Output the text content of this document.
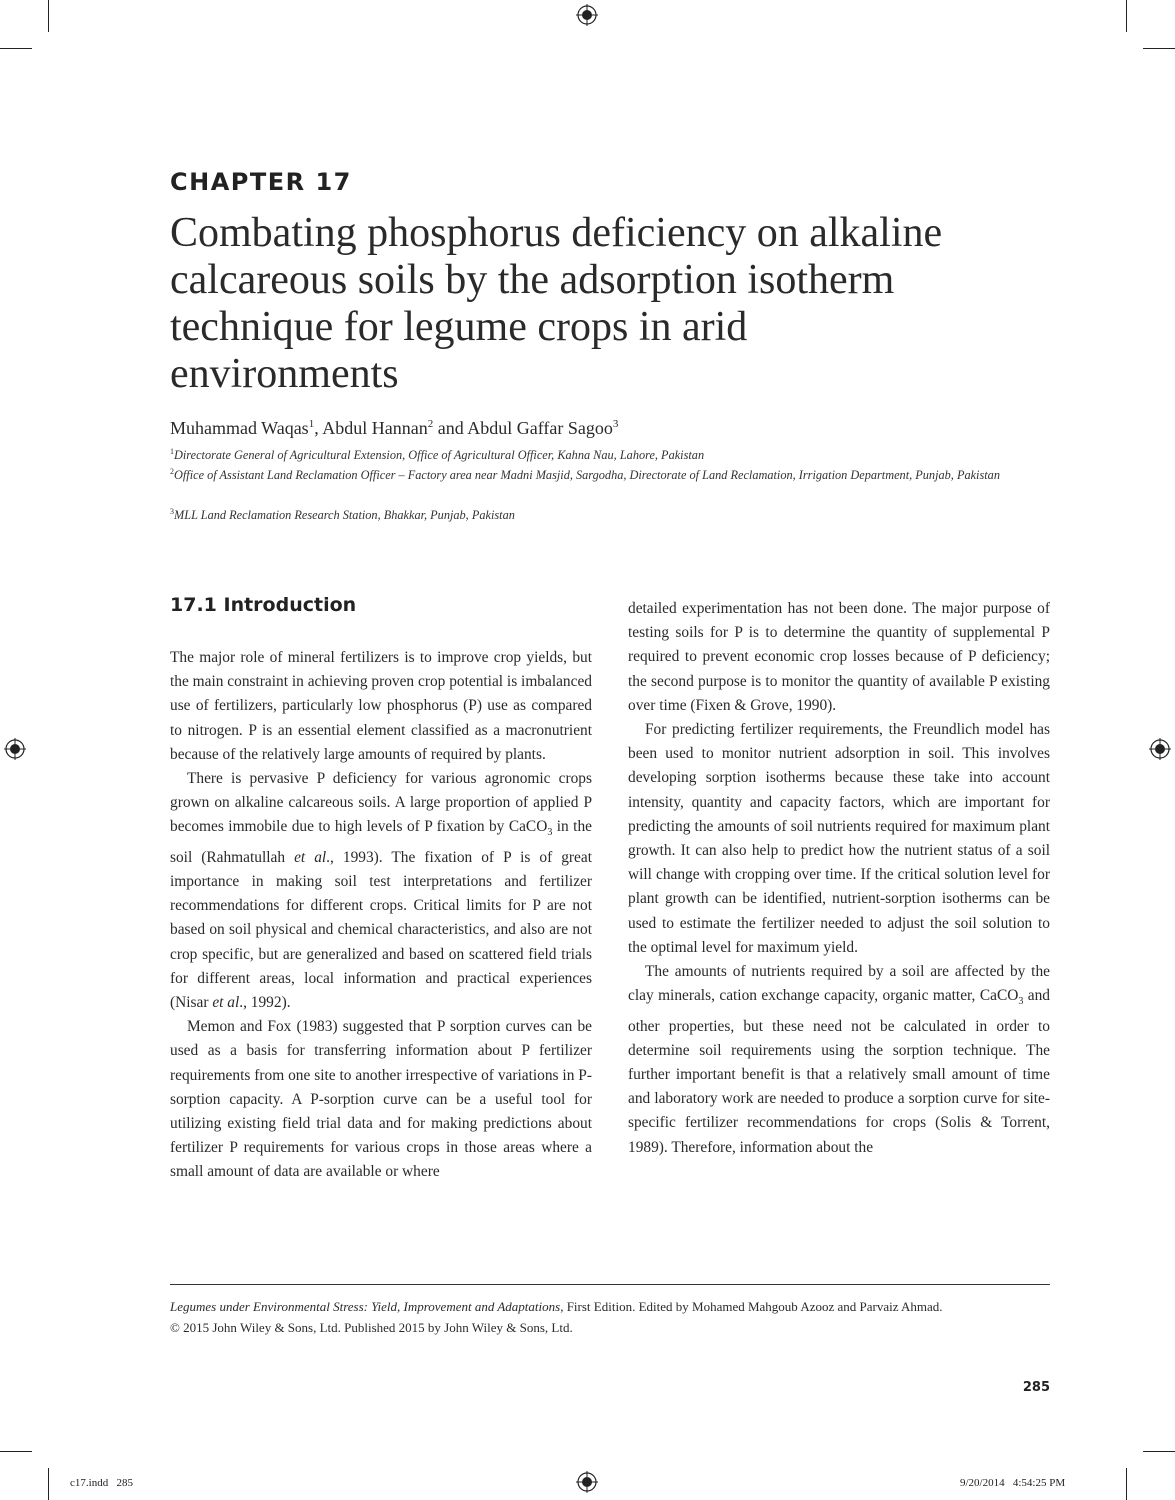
CHAPTER 17
Combating phosphorus deficiency on alkaline
calcareous soils by the adsorption isotherm
technique for legume crops in arid
environments
Muhammad Waqas$^1$, Abdul Hannan$^2$ and Abdul Gaffar Sagoo$^3$
$^1$Directorate General of Agricultural Extension, Office of Agricultural Officer, Kahna Nau, Lahore, Pakistan
$^2$Office of Assistant Land Reclamation Officer – Factory area near Madni Masjid, Sargodha, Directorate of Land Reclamation, Irrigation Department, Punjab, Pakistan
$^3$MLL Land Reclamation Research Station, Bhakkar, Punjab, Pakistan
17.1 Introduction

The major role of mineral fertilizers is to improve crop yields, but the main constraint in achieving proven crop potential is imbalanced use of fertilizers, particularly low phosphorus (P) use as compared to nitrogen. P is an essential element classified as a macronutrient because of the relatively large amounts of required by plants.

There is pervasive P deficiency for various agronomic crops grown on alkaline calcareous soils. A large proportion of applied P becomes immobile due to high levels of P fixation by CaCO$_3$ in the soil (Rahmatullah et al., 1993). The fixation of P is of great importance in making soil test interpretations and fertilizer recommendations for different crops. Critical limits for P are not based on soil physical and chemical characteristics, and also are not crop specific, but are generalized and based on scattered field trials for different areas, local information and practical experiences (Nisar et al., 1992).

Memon and Fox (1983) suggested that P sorption curves can be used as a basis for transferring information about P fertilizer requirements from one site to another irrespective of variations in P-sorption capacity. A P-sorption curve can be a useful tool for utilizing existing field trial data and for making predictions about fertilizer P requirements for various crops in those areas where a small amount of data are available or where

detailed experimentation has not been done. The major purpose of testing soils for P is to determine the quantity of supplemental P required to prevent economic crop losses because of P deficiency; the second purpose is to monitor the quantity of available P existing over time (Fixen & Grove, 1990).

For predicting fertilizer requirements, the Freundlich model has been used to monitor nutrient adsorption in soil. This involves developing sorption isotherms because these take into account intensity, quantity and capacity factors, which are important for predicting the amounts of soil nutrients required for maximum plant growth. It can also help to predict how the nutrient status of a soil will change with cropping over time. If the critical solution level for plant growth can be identified, nutrient-sorption isotherms can be used to estimate the fertilizer needed to adjust the soil solution to the optimal level for maximum yield.

The amounts of nutrients required by a soil are affected by the clay minerals, cation exchange capacity, organic matter, CaCO$_3$ and other properties, but these need not be calculated in order to determine soil requirements using the sorption technique. The further important benefit is that a relatively small amount of time and laboratory work are needed to produce a sorption curve for site-specific fertilizer recommendations for crops (Solis & Torrent, 1989). Therefore, information about the

Legumes under Environmental Stress: Yield, Improvement and Adaptations, First Edition. Edited by Mohamed Mahgoub Azooz and Parvaiz Ahmad.
© 2015 John Wiley & Sons, Ltd. Published 2015 by John Wiley & Sons, Ltd.
285
c17.indd   285	9/20/2014   4:54:25 PM
